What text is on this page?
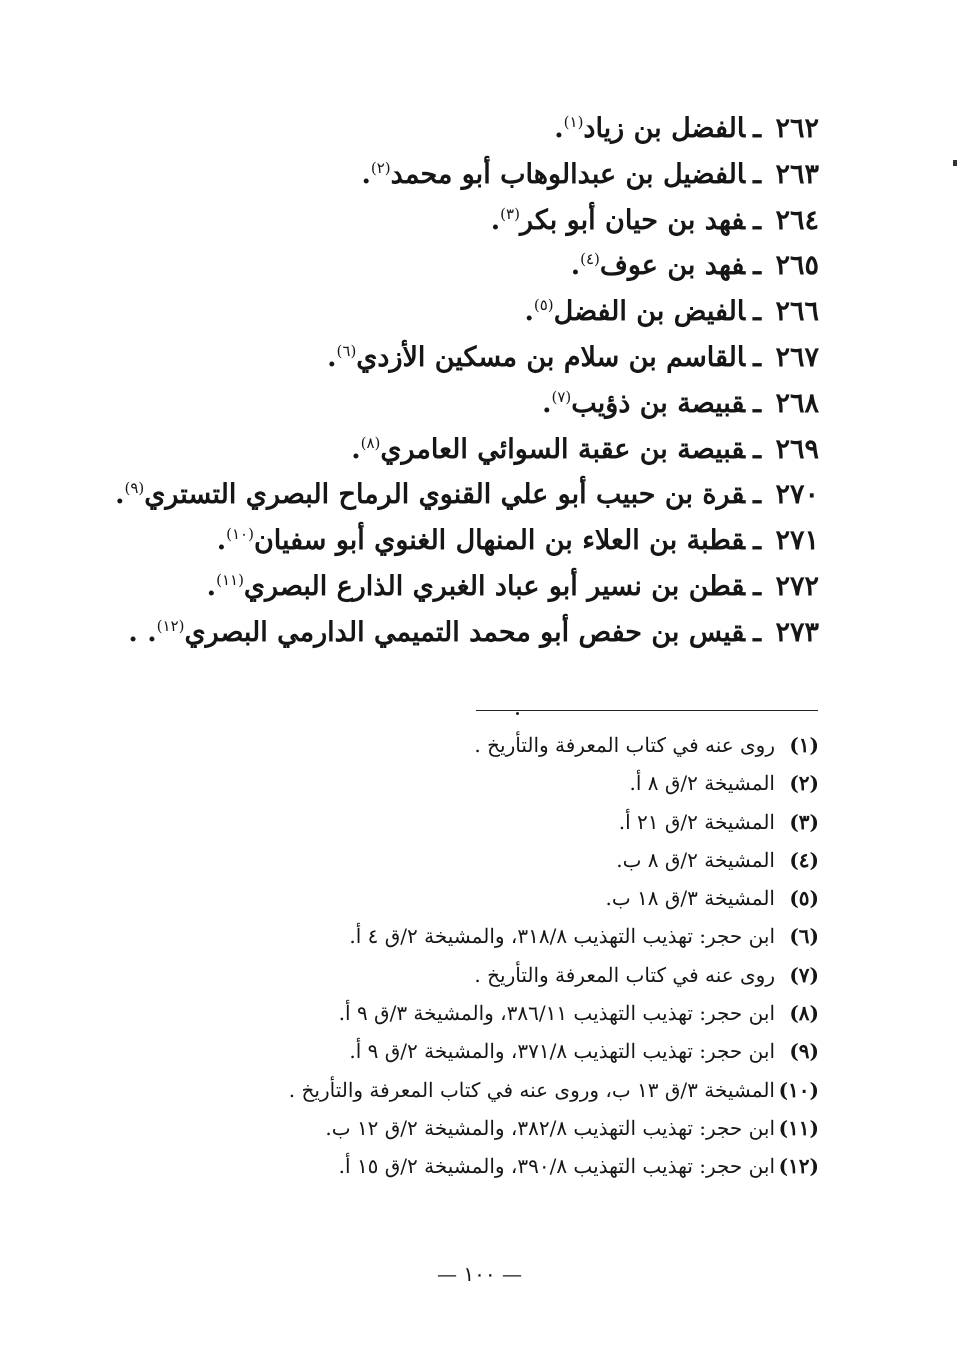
٢٦٢ـالفضل بن زياد$^{(١)}$.
٢٦٣ـالفضيل بن عبدالوهاب أبو محمد$^{(٢)}$.
٢٦٤ـفهد بن حيان أبو بكر$^{(٣)}$.
٢٦٥ـفهد بن عوف$^{(٤)}$.
٢٦٦ـالفيض بن الفضل$^{(٥)}$.
٢٦٧ـالقاسم بن سلام بن مسكين الأزدي$^{(٦)}$.
٢٦٨ـقبيصة بن ذؤيب$^{(٧)}$.
٢٦٩ـقبيصة بن عقبة السوائي العامري$^{(٨)}$.
٢٧٠ـقرة بن حبيب أبو علي القنوي الرماح البصري التستري$^{(٩)}$.
٢٧١ـقطبة بن العلاء بن المنهال الغنوي أبو سفيان$^{(١٠)}$.
٢٧٢ـقطن بن نسير أبو عباد الغبري الذارع البصري$^{(١١)}$.
٢٧٣ـقيس بن حفص أبو محمد التميمي الدارمي البصري$^{(١٢)}$. .
(١)روى عنه في كتاب المعرفة والتأريخ .
(٢)المشيخة ٢/ق ٨ أ.
(٣)المشيخة ٢/ق ٢١ أ.
(٤)المشيخة ٢/ق ٨ ب.
(٥)المشيخة ٣/ق ١٨ ب.
(٦)ابن حجر: تهذيب التهذيب ٣١٨/٨، والمشيخة ٢/ق ٤ أ.
(٧)روى عنه في كتاب المعرفة والتأريخ .
(٨)ابن حجر: تهذيب التهذيب ٣٨٦/١١، والمشيخة ٣/ق ٩ أ.
(٩)ابن حجر: تهذيب التهذيب ٣٧١/٨، والمشيخة ٢/ق ٩ أ.
(١٠)المشيخة ٣/ق ١٣ ب، وروى عنه في كتاب المعرفة والتأريخ .
(١١)ابن حجر: تهذيب التهذيب ٣٨٢/٨، والمشيخة ٢/ق ١٢ ب.
(١٢)ابن حجر: تهذيب التهذيب ٣٩٠/٨، والمشيخة ٢/ق ١٥ أ.
— ١٠٠ —
